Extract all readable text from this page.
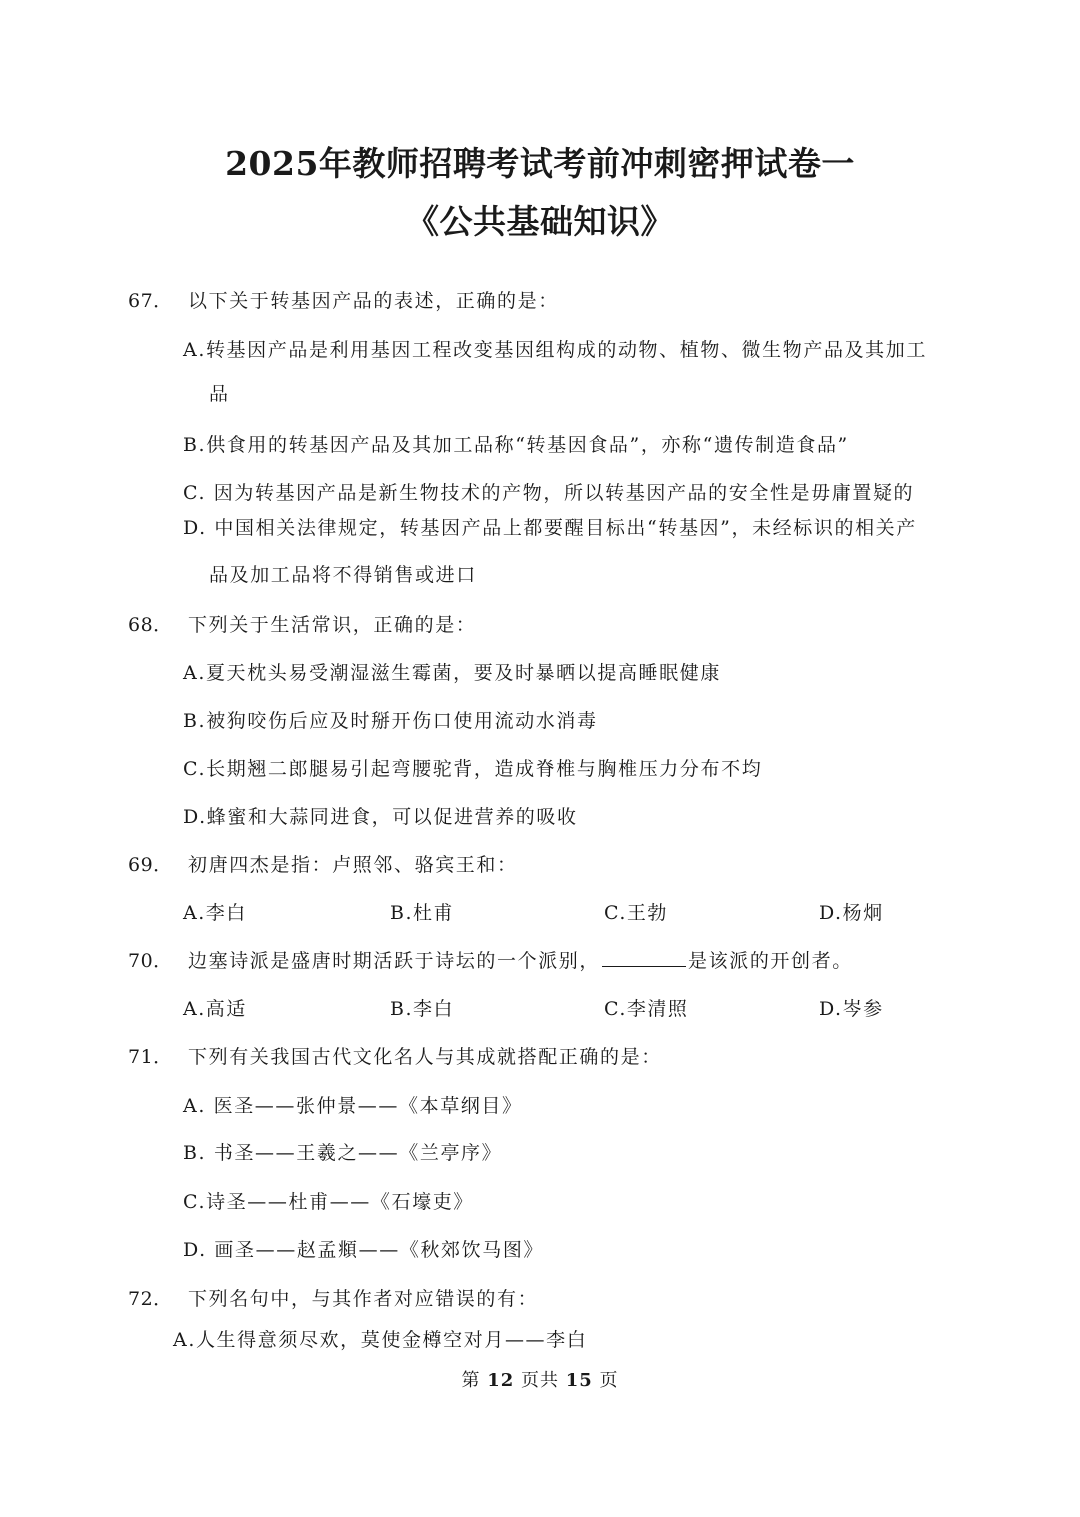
2025年教师招聘考试考前冲刺密押试卷一
《公共基础知识》
67． 以下关于转基因产品的表述，正确的是：
A.转基因产品是利用基因工程改变基因组构成的动物、植物、微生物产品及其加工
品
B.供食用的转基因产品及其加工品称“转基因食品”，亦称“遗传制造食品”
C. 因为转基因产品是新生物技术的产物，所以转基因产品的安全性是毋庸置疑的
D. 中国相关法律规定，转基因产品上都要醒目标出“转基因”，未经标识的相关产
品及加工品将不得销售或进口
68． 下列关于生活常识，正确的是：
A.夏天枕头易受潮湿滋生霉菌，要及时暴晒以提高睡眠健康
B.被狗咬伤后应及时掰开伤口使用流动水消毒
C.长期翘二郎腿易引起弯腰驼背，造成脊椎与胸椎压力分布不均
D.蜂蜜和大蒜同进食，可以促进营养的吸收
69． 初唐四杰是指：卢照邻、骆宾王和：
A.李白	B.杜甫	C.王勃	D.杨炯
70． 边塞诗派是盛唐时期活跃于诗坛的一个派别，	是该派的开创者。
A.高适	B.李白	C.李清照	D.岑参
71． 下列有关我国古代文化名人与其成就搭配正确的是：
A. 医圣——张仲景——《本草纲目》
B. 书圣——王羲之——《兰亭序》
C.诗圣——杜甫——《石壕吏》
D. 画圣——赵孟頫——《秋郊饮马图》
72． 下列名句中，与其作者对应错误的有：
A.人生得意须尽欢，莫使金樽空对月——李白
第 12 页共 15 页
